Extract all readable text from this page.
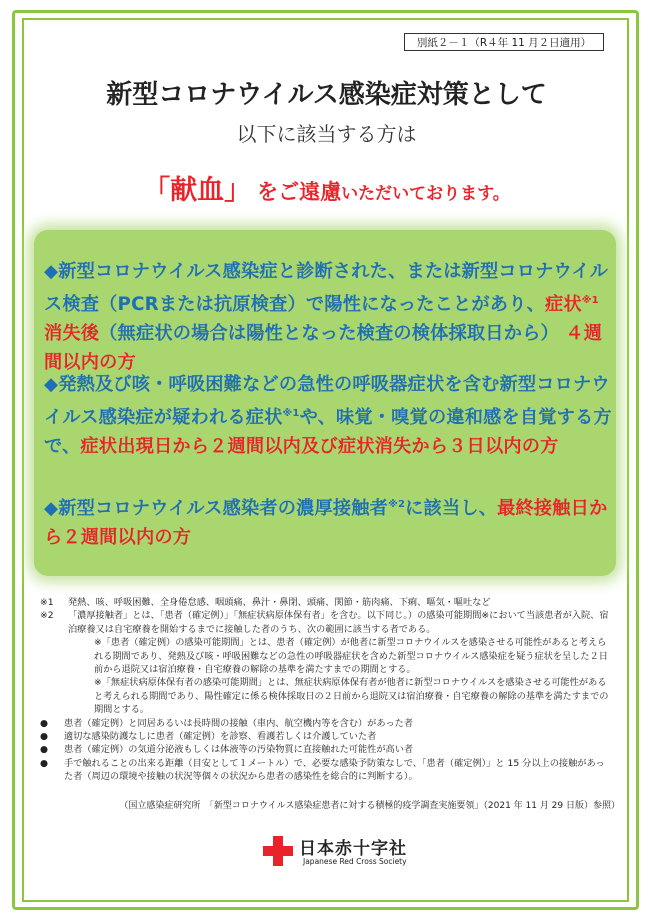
別紙２－１（R４年 11 月２日適用）
新型コロナウイルス感染症対策として
以下に該当する方は
「献血」 をご遠慮いただいております。
◆新型コロナウイルス感染症と診断された、または新型コロナウイルス検査（PCRまたは抗原検査）で陽性になったことがあり、症状$^{※1}$ 消失後（無症状の場合は陽性となった検査の検体採取日から） ４週間以内の方
◆発熱及び咳・呼吸困難などの急性の呼吸器症状を含む新型コロナウイルス感染症が疑われる症状$^{※1}$や、味覚・嗅覚の違和感を自覚する方で、症状出現日から２週間以内及び症状消失から３日以内の方
◆新型コロナウイルス感染者の濃厚接触者$^{※2}$に該当し、最終接触日から２週間以内の方
※1	発熱、咳、呼吸困難、全身倦怠感、咽頭痛、鼻汁・鼻閉、頭痛、関節・筋肉痛、下痢、嘔気・嘔吐など
※2	「濃厚接触者」とは、「患者（確定例）」「無症状病原体保有者」を含む。以下同じ。）の感染可能期間※において当該患者が入院、宿泊療養又は自宅療養を開始するまでに接触した者のうち、次の範囲に該当する者である。
※「患者（確定例）の感染可能期間」とは、患者（確定例）が他者に新型コロナウイルスを感染させる可能性があると考えられる期間であり、発熱及び咳・呼吸困難などの急性の呼吸器症状を含めた新型コロナウイルス感染症を疑う症状を呈した２日前から退院又は宿泊療養・自宅療養の解除の基準を満たすまでの期間とする。
※「無症状病原体保有者の感染可能期間」とは、無症状病原体保有者が他者に新型コロナウイルスを感染させる可能性があると考えられる期間であり、陽性確定に係る検体採取日の２日前から退院又は宿泊療養・自宅療養の解除の基準を満たすまでの期間とする。
●	患者（確定例）と同居あるいは長時間の接触（車内、航空機内等を含む）があった者
●	適切な感染防護なしに患者（確定例）を診察、看護若しくは介護していた者
●	患者（確定例）の気道分泌液もしくは体液等の汚染物質に直接触れた可能性が高い者
●	手で触れることの出来る距離（目安として１メートル）で、必要な感染予防策なしで、「患者（確定例）」と 15 分以上の接触があった者（周辺の環境や接触の状況等個々の状況から患者の感染性を総合的に判断する）。
（国立感染症研究所　「新型コロナウイルス感染症患者に対する積極的疫学調査実施要領」（2021 年 11 月 29 日版）参照）
日本赤十字社
Japanese Red Cross Society
